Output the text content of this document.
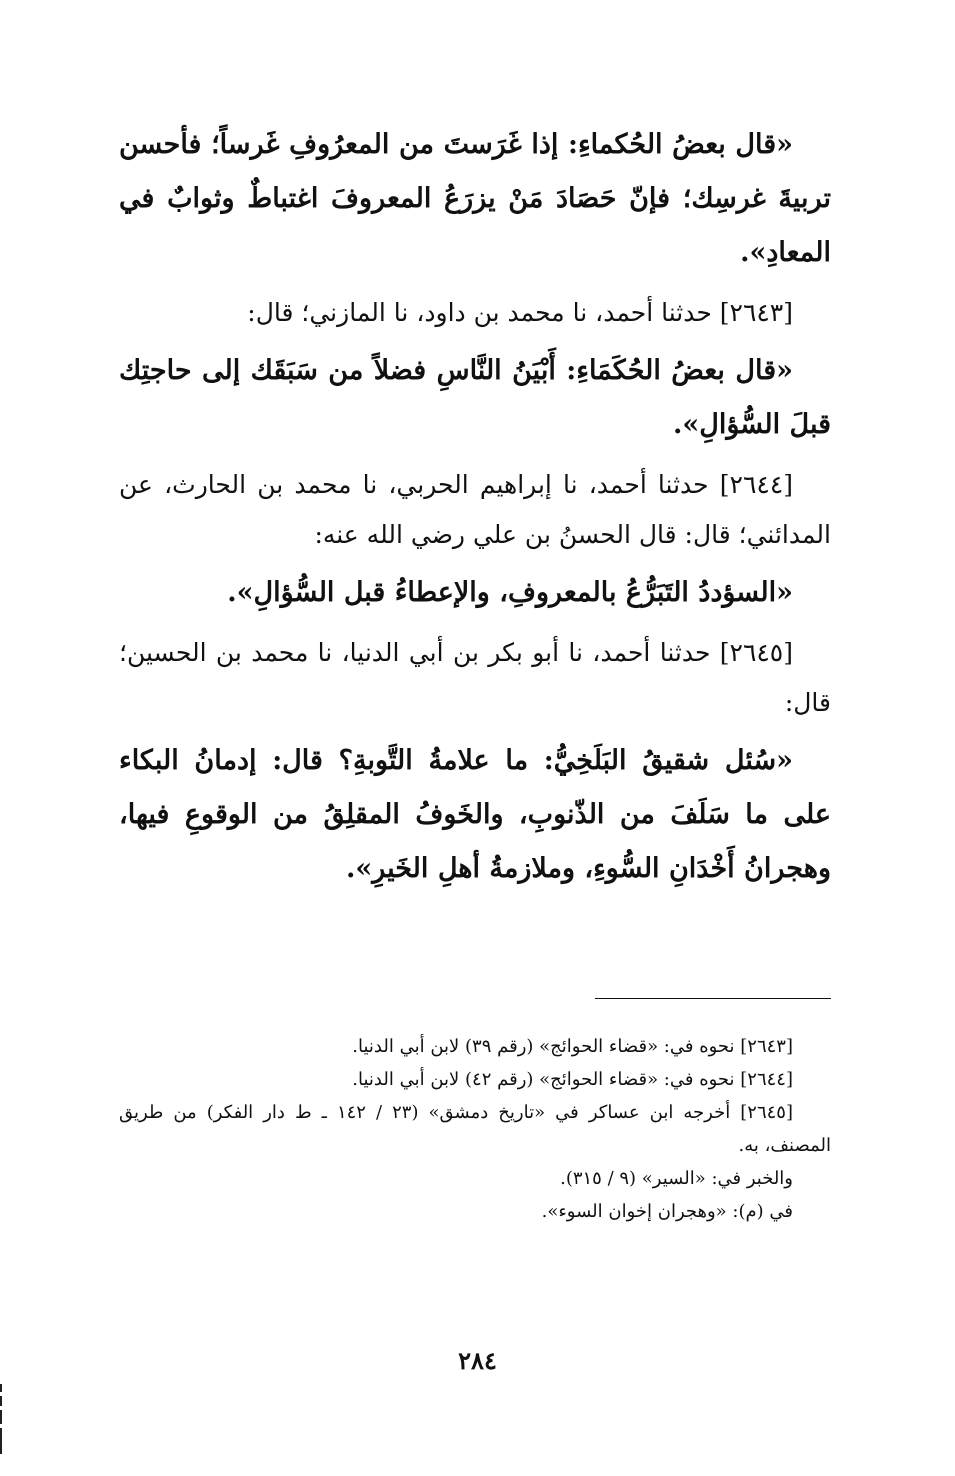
«قال بعضُ الحُكماءِ: إذا غَرَستَ من المعرُوفِ غَرساً؛ فأحسن تربيةَ غرسِك؛ فإنّ حَصَادَ مَنْ يزرَعُ المعروفَ اغتباطٌ وثوابٌ في المعادِ».

[٢٦٤٣] حدثنا أحمد، نا محمد بن داود، نا المازني؛ قال:

«قال بعضُ الحُكَمَاءِ: أَبْيَنُ النَّاسِ فضلاً من سَبَقَك إلى حاجتِك قبلَ السُّؤالِ».

[٢٦٤٤] حدثنا أحمد، نا إبراهيم الحربي، نا محمد بن الحارث، عن المدائني؛ قال: قال الحسنُ بن علي رضي الله عنه:

«السؤددُ التَبَرُّعُ بالمعروفِ، والإعطاءُ قبل السُّؤالِ».

[٢٦٤٥] حدثنا أحمد، نا أبو بكر بن أبي الدنيا، نا محمد بن الحسين؛ قال:

«سُئل شقيقُ البَلَخِيُّ: ما علامةُ التَّوبةِ؟ قال: إدمانُ البكاء على ما سَلَفَ من الذّنوبِ، والخَوفُ المقلِقُ من الوقوعِ فيها، وهجرانُ أَخْدَانِ السُّوءِ، وملازمةُ أهلِ الخَيرِ».

[٢٦٤٣] نحوه في: «قضاء الحوائج» (رقم ٣٩) لابن أبي الدنيا.

[٢٦٤٤] نحوه في: «قضاء الحوائج» (رقم ٤٢) لابن أبي الدنيا.

[٢٦٤٥] أخرجه ابن عساكر في «تاريخ دمشق» (٢٣ / ١٤٢ ـ ط دار الفكر) من طريق المصنف، به.

والخبر في: «السير» (٩ / ٣١٥).

في (م): «وهجران إخوان السوء».

٢٨٤
